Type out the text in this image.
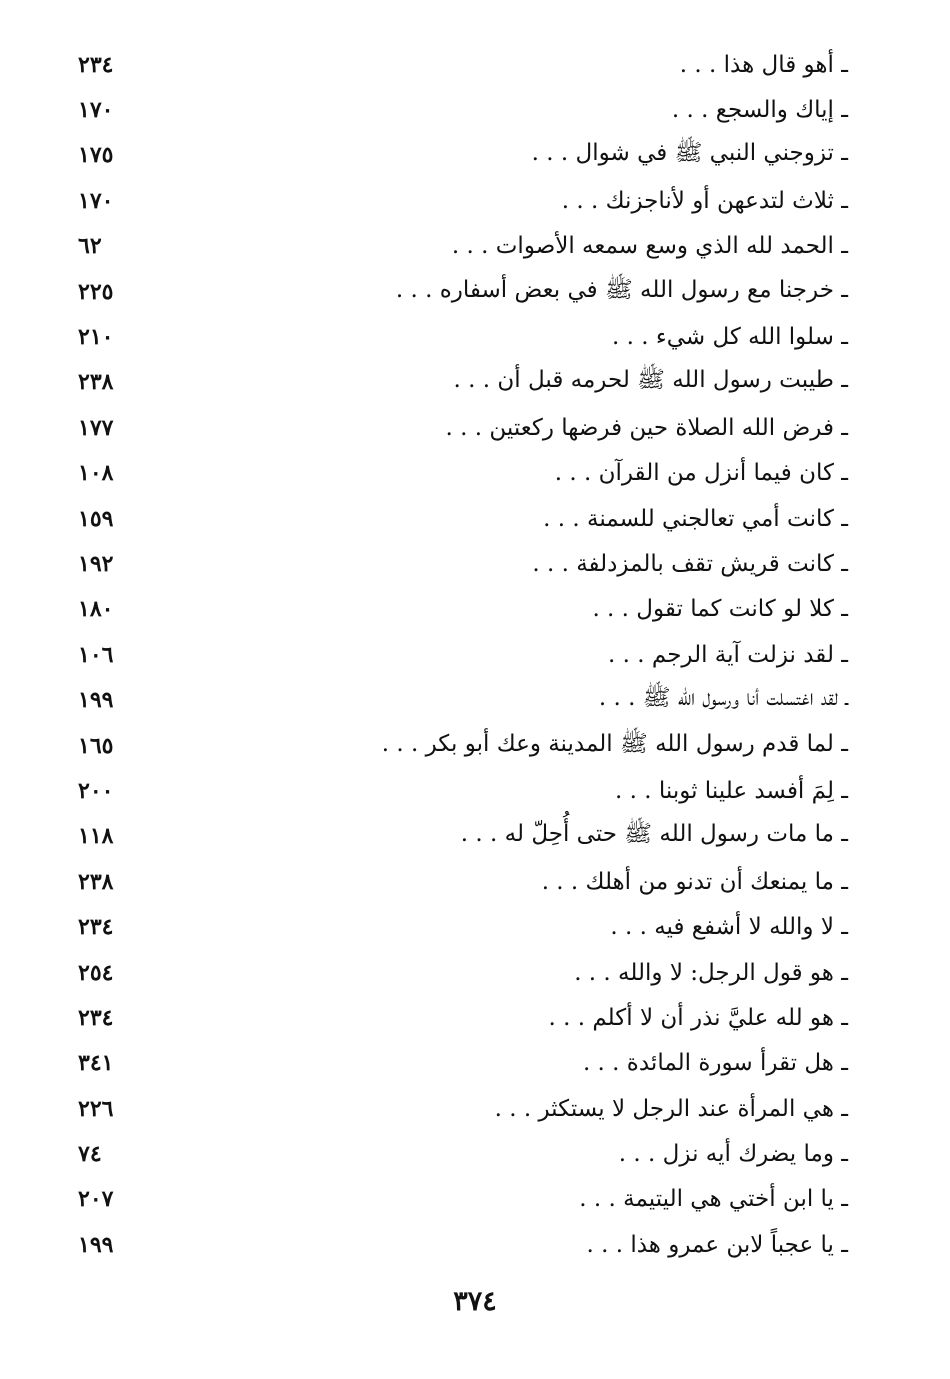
ـ أهو قال هذا . . .
٢٣٤
ـ إياك والسجع . . .
١٧٠
ـ تزوجني النبي ﷺ في شوال . . .
١٧٥
ـ ثلاث لتدعهن أو لأناجزنك . . .
١٧٠
ـ الحمد لله الذي وسع سمعه الأصوات . . .
٦٢
ـ خرجنا مع رسول الله ﷺ في بعض أسفاره . . .
٢٢٥
ـ سلوا الله كل شيء . . .
٢١٠
ـ طيبت رسول الله ﷺ لحرمه قبل أن . . .
٢٣٨
ـ فرض الله الصلاة حين فرضها ركعتين . . .
١٧٧
ـ كان فيما أنزل من القرآن . . .
١٠٨
ـ كانت أمي تعالجني للسمنة . . .
١٥٩
ـ كانت قريش تقف بالمزدلفة . . .
١٩٢
ـ كلا لو كانت كما تقول . . .
١٨٠
ـ لقد نزلت آية الرجم . . .
١٠٦
ـ لقد اغتسلت أنا ورسول الله ﷺ . . .
١٩٩
ـ لما قدم رسول الله ﷺ المدينة وعك أبو بكر . . .
١٦٥
ـ لِمَ أفسد علينا ثوبنا . . .
٢٠٠
ـ ما مات رسول الله ﷺ حتى أُحِلّ له . . .
١١٨
ـ ما يمنعك أن تدنو من أهلك . . .
٢٣٨
ـ لا والله لا أشفع فيه . . .
٢٣٤
ـ هو قول الرجل: لا والله . . .
٢٥٤
ـ هو لله عليَّ نذر أن لا أكلم . . .
٢٣٤
ـ هل تقرأ سورة المائدة . . .
٣٤١
ـ هي المرأة عند الرجل لا يستكثر . . .
٢٢٦
ـ وما يضرك أيه نزل . . .
٧٤
ـ يا ابن أختي هي اليتيمة . . .
٢٠٧
ـ يا عجباً لابن عمرو هذا . . .
١٩٩
٣٧٤
